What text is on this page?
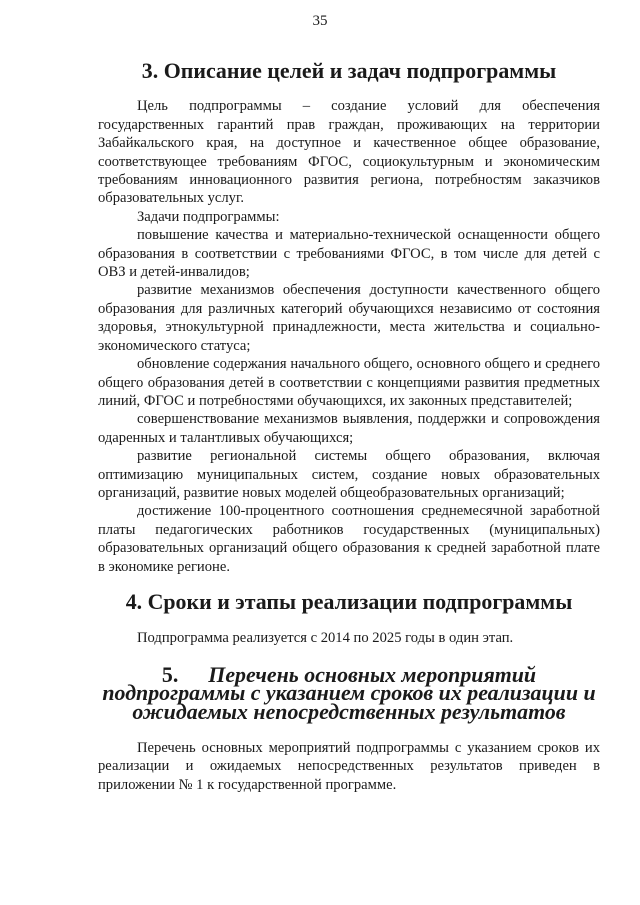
35
3. Описание целей и задач подпрограммы

Цель подпрограммы – создание условий для обеспечения государственных гарантий прав граждан, проживающих на территории Забайкальского края, на доступное и качественное общее образование, соответствующее требованиям ФГОС, социокультурным и экономическим требованиям инновационного развития региона, потребностям заказчиков образовательных услуг.

Задачи подпрограммы:

повышение качества и материально-технической оснащенности общего образования в соответствии с требованиями ФГОС, в том числе для детей с ОВЗ и детей-инвалидов;

развитие механизмов обеспечения доступности качественного общего образования для различных категорий обучающихся независимо от состояния здоровья, этнокультурной принадлежности, места жительства и социально-экономического статуса;

обновление содержания начального общего, основного общего и среднего общего образования детей в соответствии с концепциями развития предметных линий, ФГОС и потребностями обучающихся, их законных представителей;

совершенствование механизмов выявления, поддержки и сопровождения одаренных и талантливых обучающихся;

развитие региональной системы общего образования, включая оптимизацию муниципальных систем, создание новых образовательных организаций, развитие новых моделей общеобразовательных организаций;

достижение 100-процентного соотношения среднемесячной заработной платы педагогических работников государственных (муниципальных) образовательных организаций общего образования к средней заработной плате в экономике регионе.

4. Сроки и этапы реализации подпрограммы

Подпрограмма реализуется с 2014 по 2025 годы в один этап.

5. Перечень основных мероприятий подпрограммы с указанием сроков их реализации и ожидаемых непосредственных результатов

Перечень основных мероприятий подпрограммы с указанием сроков их реализации и ожидаемых непосредственных результатов приведен в приложении № 1 к государственной программе.
